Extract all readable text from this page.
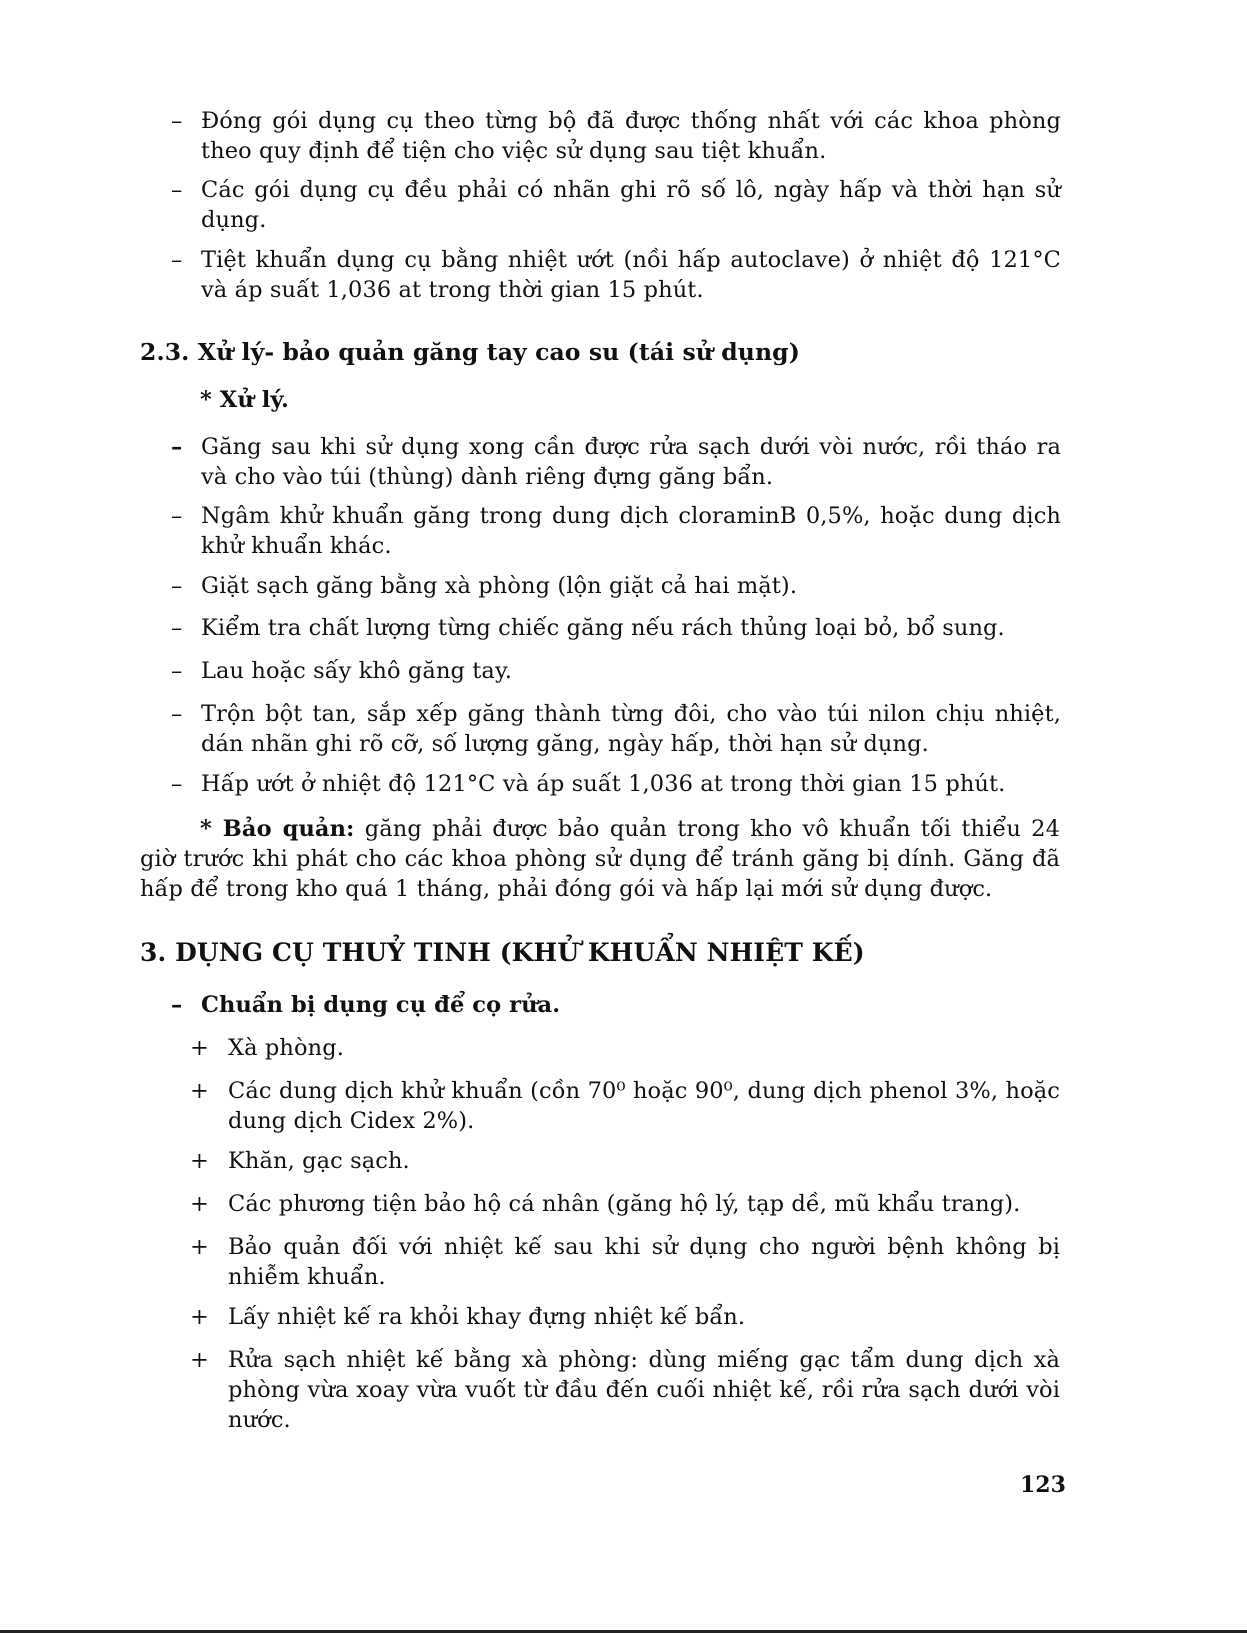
– Đóng gói dụng cụ theo từng bộ đã được thống nhất với các khoa phòng theo quy định để tiện cho việc sử dụng sau tiệt khuẩn.
– Các gói dụng cụ đều phải có nhãn ghi rõ số lô, ngày hấp và thời hạn sử dụng.
– Tiệt khuẩn dụng cụ bằng nhiệt ướt (nồi hấp autoclave) ở nhiệt độ 121°C và áp suất 1,036 at trong thời gian 15 phút.
2.3. Xử lý- bảo quản găng tay cao su (tái sử dụng)
* Xử lý.
– Găng sau khi sử dụng xong cần được rửa sạch dưới vòi nước, rồi tháo ra và cho vào túi (thùng) dành riêng đựng găng bẩn.
– Ngâm khử khuẩn găng trong dung dịch cloraminB 0,5%, hoặc dung dịch khử khuẩn khác.
– Giặt sạch găng bằng xà phòng (lộn giặt cả hai mặt).
– Kiểm tra chất lượng từng chiếc găng nếu rách thủng loại bỏ, bổ sung.
– Lau hoặc sấy khô găng tay.
– Trộn bột tan, sắp xếp găng thành từng đôi, cho vào túi nilon chịu nhiệt, dán nhãn ghi rõ cỡ, số lượng găng, ngày hấp, thời hạn sử dụng.
– Hấp ướt ở nhiệt độ 121°C và áp suất 1,036 at trong thời gian 15 phút.
* Bảo quản: găng phải được bảo quản trong kho vô khuẩn tối thiểu 24 giờ trước khi phát cho các khoa phòng sử dụng để tránh găng bị dính. Găng đã hấp để trong kho quá 1 tháng, phải đóng gói và hấp lại mới sử dụng được.
3. DỤNG CỤ THUỶ TINH (KHỬ KHUẨN NHIỆT KẾ)
– Chuẩn bị dụng cụ để cọ rửa.
+ Xà phòng.
+ Các dung dịch khử khuẩn (cồn 70⁰ hoặc 90⁰, dung dịch phenol 3%, hoặc dung dịch Cidex 2%).
+ Khăn, gạc sạch.
+ Các phương tiện bảo hộ cá nhân (găng hộ lý, tạp dề, mũ khẩu trang).
+ Bảo quản đối với nhiệt kế sau khi sử dụng cho người bệnh không bị nhiễm khuẩn.
+ Lấy nhiệt kế ra khỏi khay đựng nhiệt kế bẩn.
+ Rửa sạch nhiệt kế bằng xà phòng: dùng miếng gạc tẩm dung dịch xà phòng vừa xoay vừa vuốt từ đầu đến cuối nhiệt kế, rồi rửa sạch dưới vòi nước.
123
